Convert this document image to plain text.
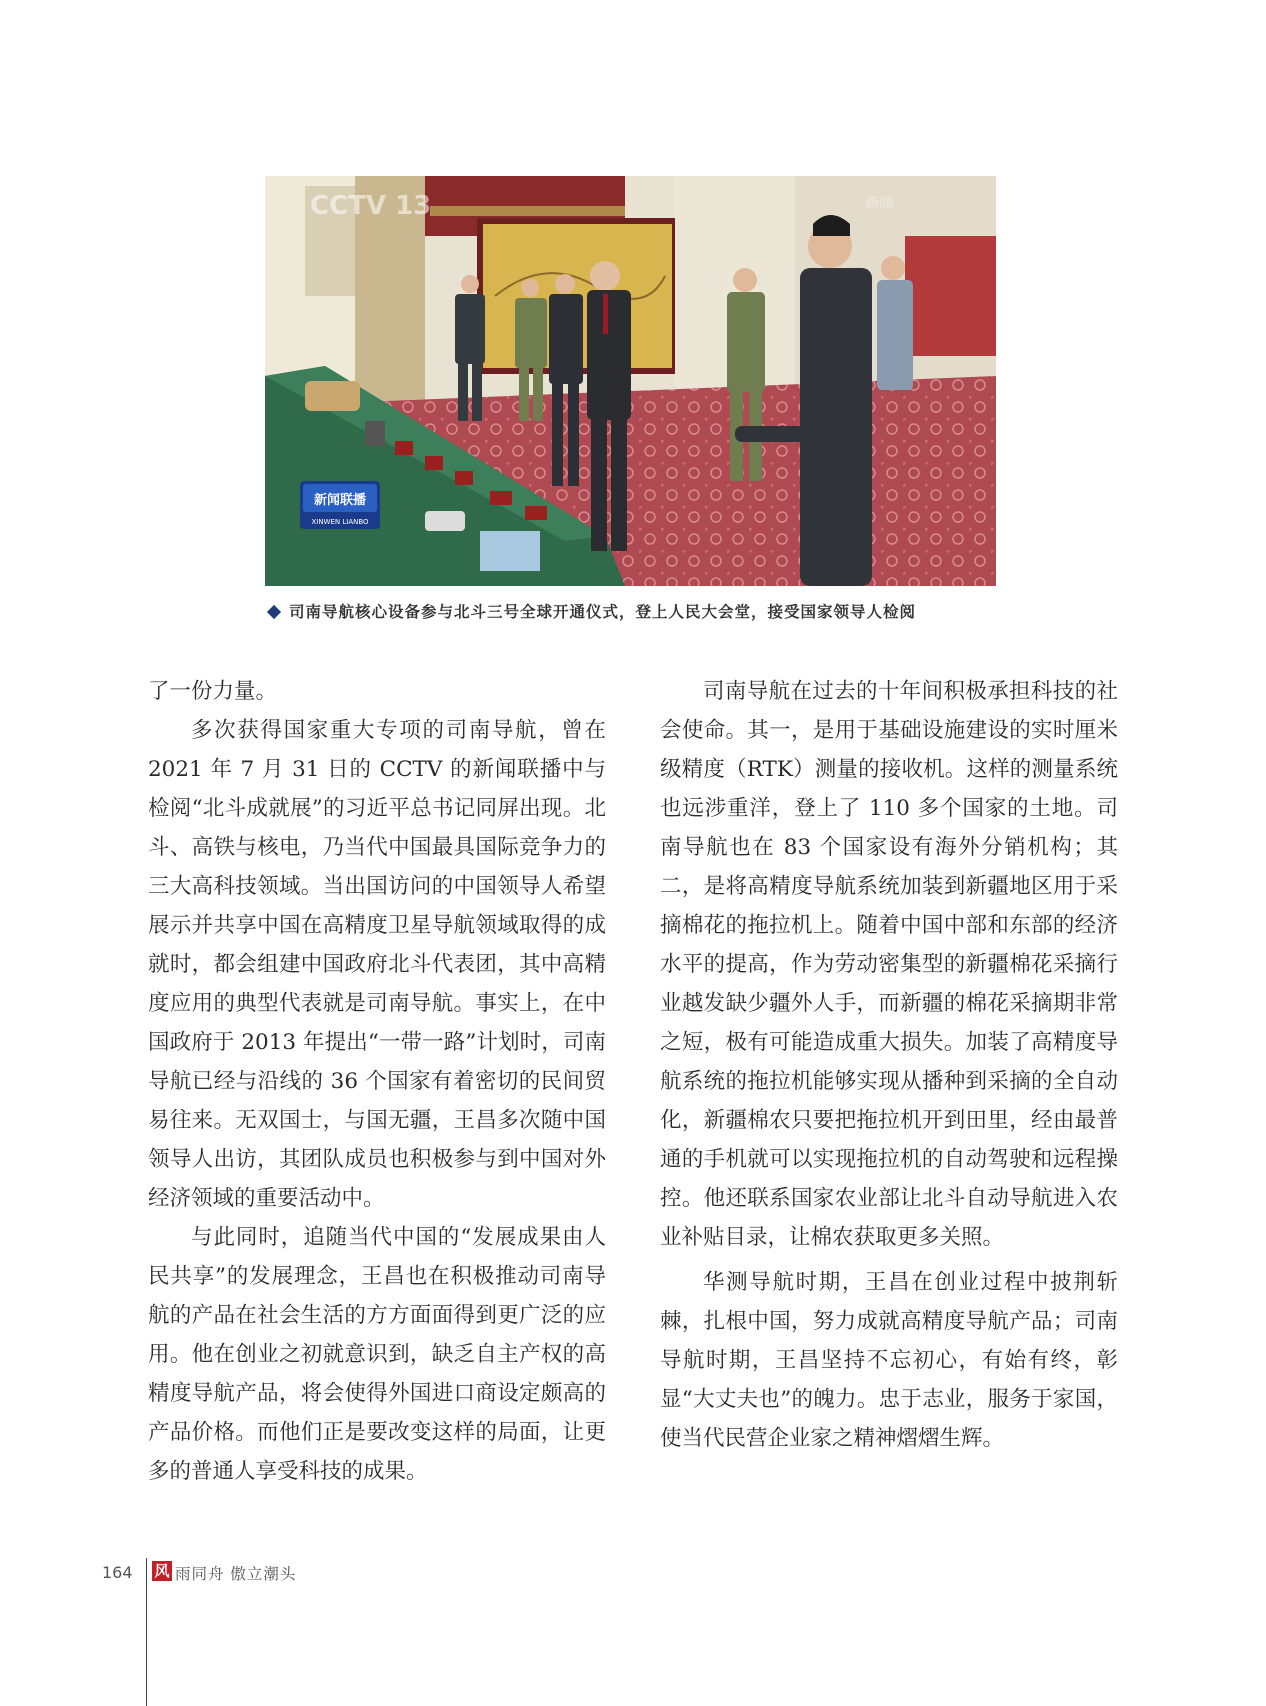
新闻联播
XINWEN LIANBO
CCTV 13	新闻
司南导航核心设备参与北斗三号全球开通仪式，登上人民大会堂，接受国家领导人检阅

了一份力量。

多次获得国家重大专项的司南导航，曾在 2021 年 7 月 31 日的 CCTV 的新闻联播中与检阅“北斗成就展”的习近平总书记同屏出现。北斗、高铁与核电，乃当代中国最具国际竞争力的三大高科技领域。当出国访问的中国领导人希望展示并共享中国在高精度卫星导航领域取得的成就时，都会组建中国政府北斗代表团，其中高精度应用的典型代表就是司南导航。事实上，在中国政府于 2013 年提出“一带一路”计划时，司南导航已经与沿线的 36 个国家有着密切的民间贸易往来。无双国士，与国无疆，王昌多次随中国领导人出访，其团队成员也积极参与到中国对外经济领域的重要活动中。

与此同时，追随当代中国的“发展成果由人民共享”的发展理念，王昌也在积极推动司南导航的产品在社会生活的方方面面得到更广泛的应用。他在创业之初就意识到，缺乏自主产权的高精度导航产品，将会使得外国进口商设定颇高的产品价格。而他们正是要改变这样的局面，让更多的普通人享受科技的成果。

司南导航在过去的十年间积极承担科技的社会使命。其一，是用于基础设施建设的实时厘米级精度（RTK）测量的接收机。这样的测量系统也远涉重洋，登上了 110 多个国家的土地。司南导航也在 83 个国家设有海外分销机构；其二，是将高精度导航系统加装到新疆地区用于采摘棉花的拖拉机上。随着中国中部和东部的经济水平的提高，作为劳动密集型的新疆棉花采摘行业越发缺少疆外人手，而新疆的棉花采摘期非常之短，极有可能造成重大损失。加装了高精度导航系统的拖拉机能够实现从播种到采摘的全自动化，新疆棉农只要把拖拉机开到田里，经由最普通的手机就可以实现拖拉机的自动驾驶和远程操控。他还联系国家农业部让北斗自动导航进入农业补贴目录，让棉农获取更多关照。

华测导航时期，王昌在创业过程中披荆斩棘，扎根中国，努力成就高精度导航产品；司南导航时期，王昌坚持不忘初心，有始有终，彰显“大丈夫也”的魄力。忠于志业，服务于家国，使当代民营企业家之精神熠熠生辉。

164 风 雨同舟 傲立潮头
